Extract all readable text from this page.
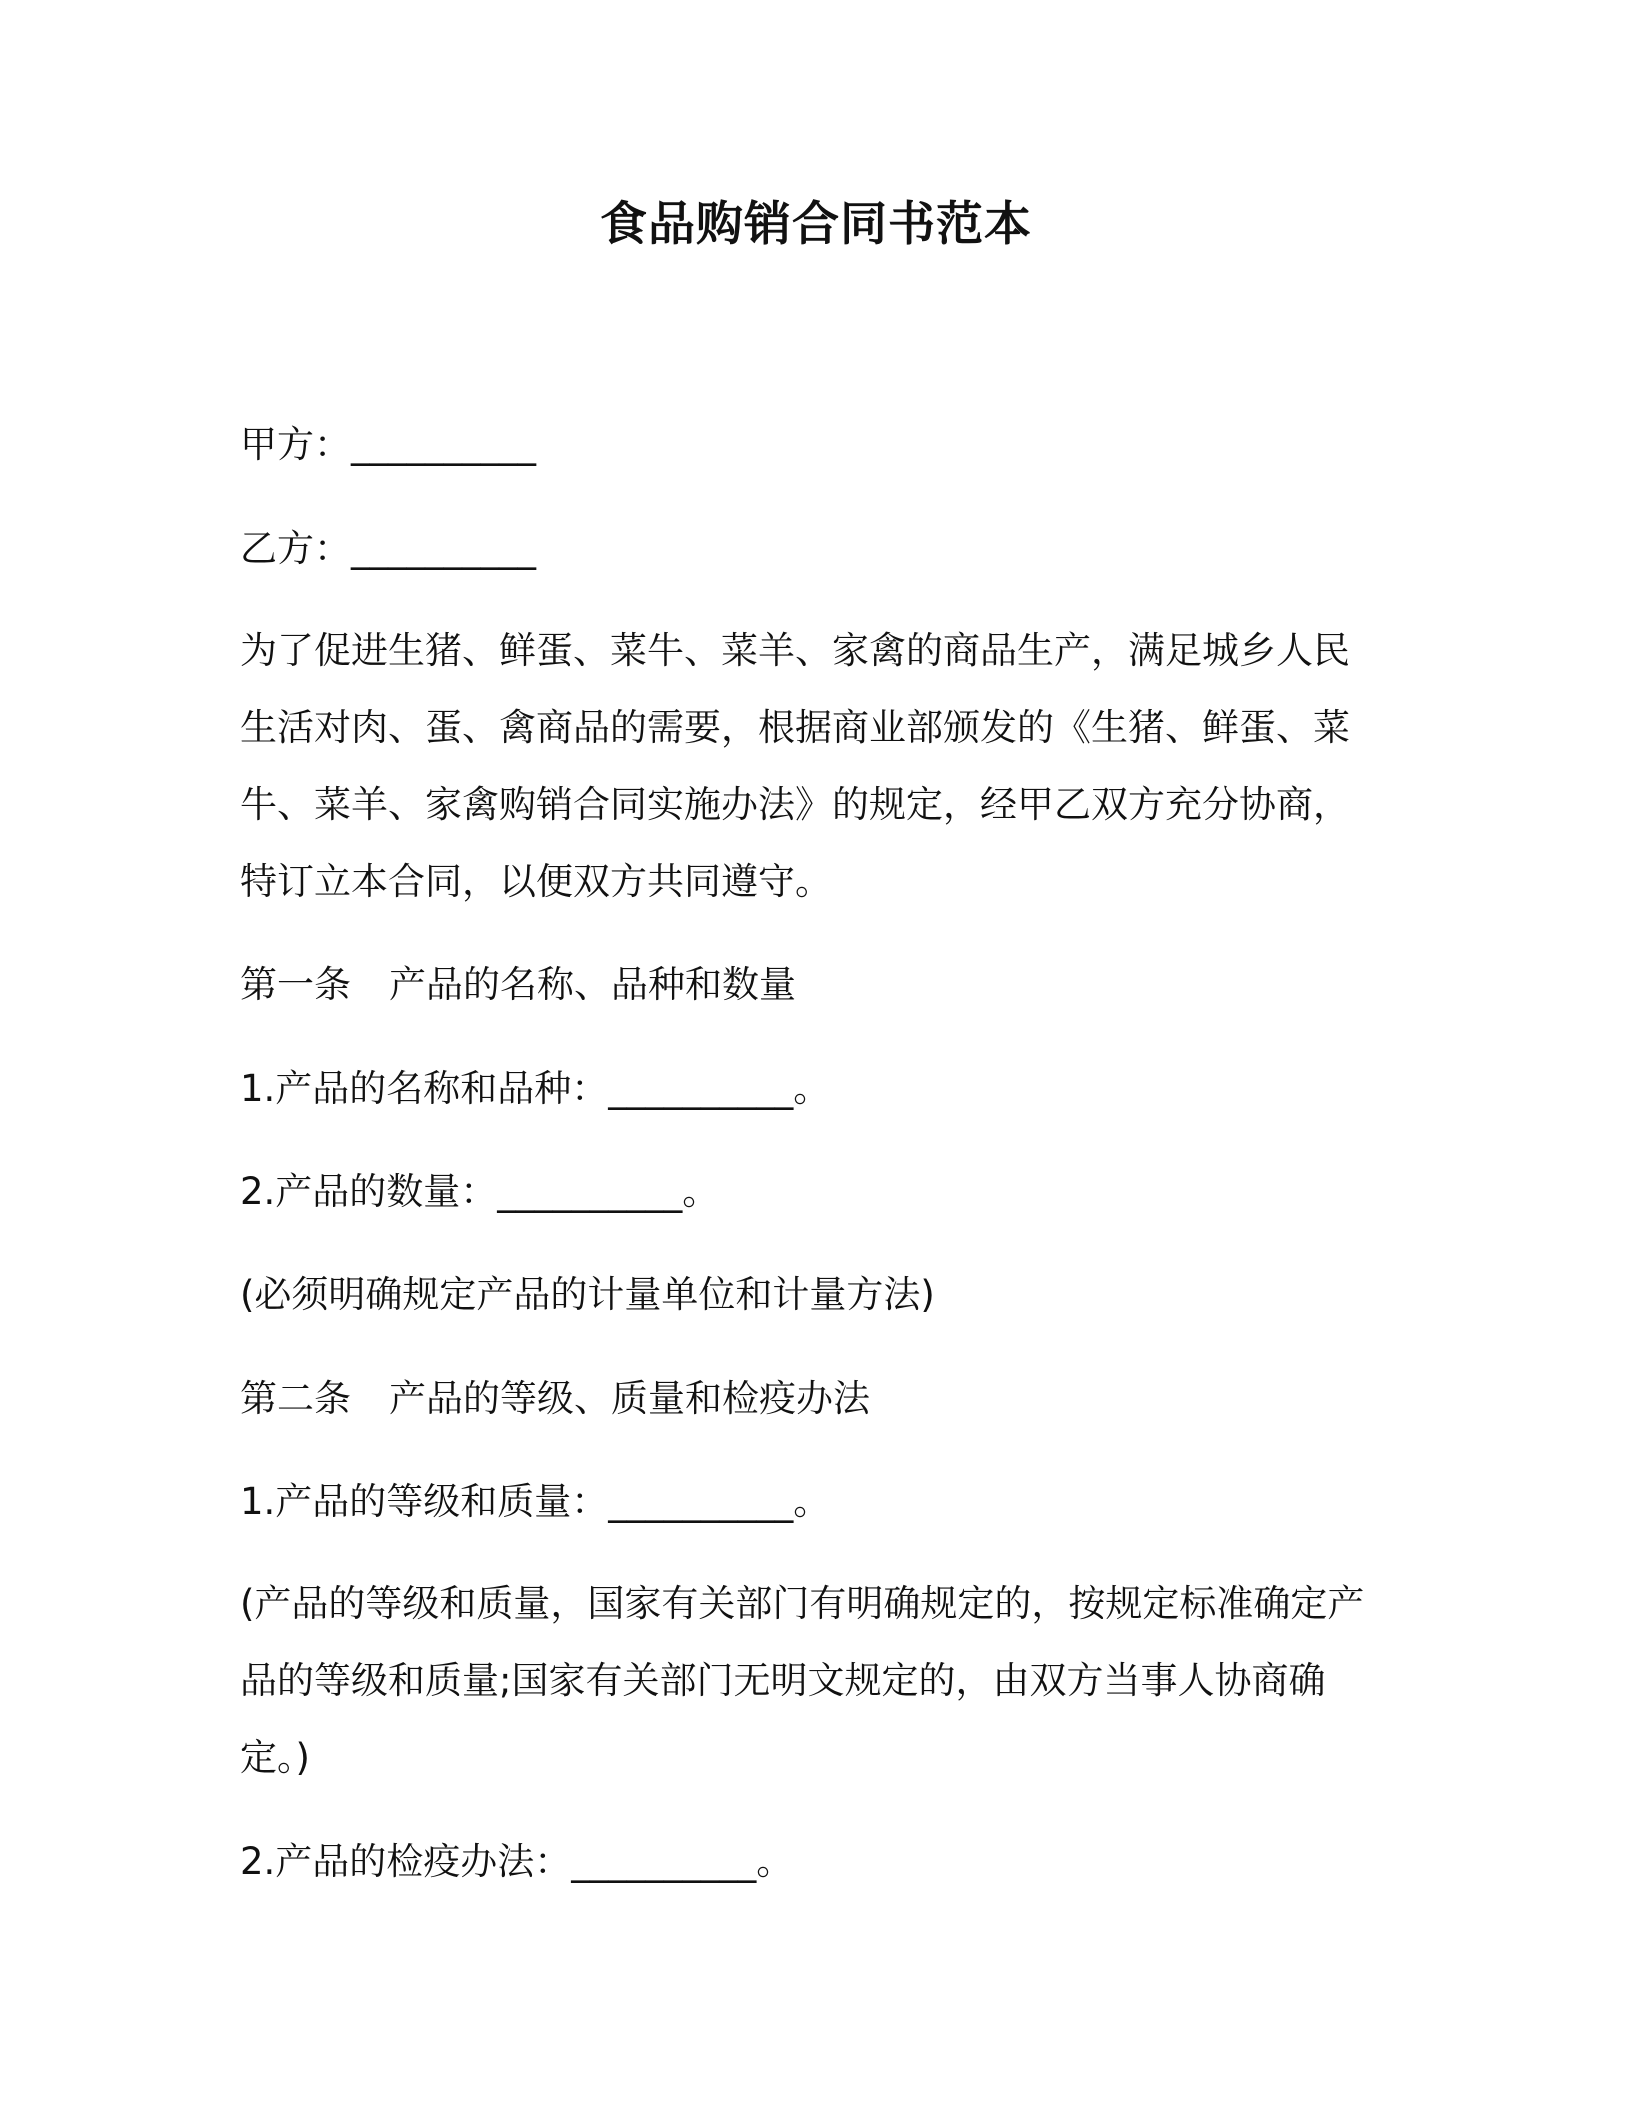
食品购销合同书范本
甲方：__________
乙方：__________
为了促进生猪、鲜蛋、菜牛、菜羊、家禽的商品生产，满足城乡人民
生活对肉、蛋、禽商品的需要，根据商业部颁发的《生猪、鲜蛋、菜
牛、菜羊、家禽购销合同实施办法》的规定，经甲乙双方充分协商，
特订立本合同，以便双方共同遵守。
第一条 产品的名称、品种和数量
1.产品的名称和品种：__________。
2.产品的数量：__________。
(必须明确规定产品的计量单位和计量方法)
第二条 产品的等级、质量和检疫办法
1.产品的等级和质量：__________。
(产品的等级和质量，国家有关部门有明确规定的，按规定标准确定产
品的等级和质量;国家有关部门无明文规定的，由双方当事人协商确
定。)
2.产品的检疫办法：__________。
